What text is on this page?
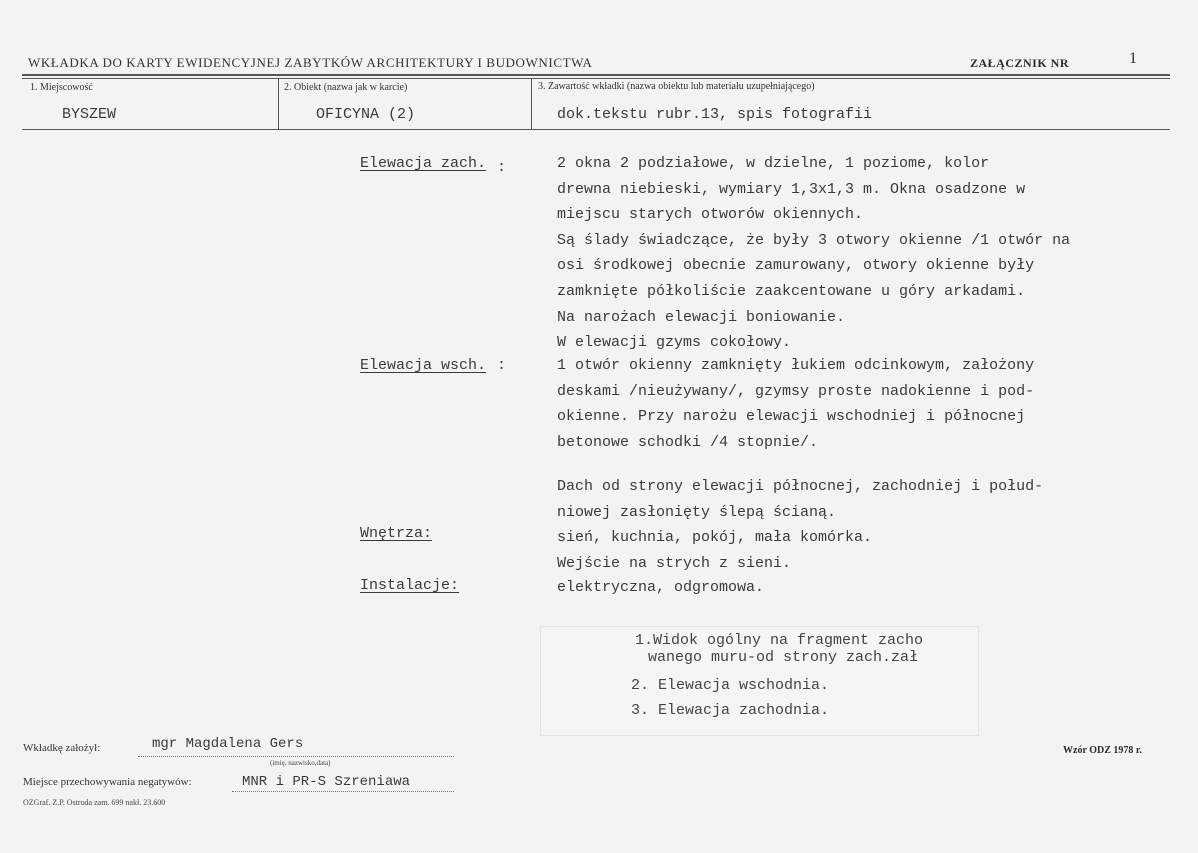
WKŁADKA DO KARTY EWIDENCYJNEJ ZABYTKÓW ARCHITEKTURY I BUDOWNICTWA	ZAŁĄCZNIK NR	1
1. Miejscowość	2. Obiekt (nazwa jak w karcie)	3. Zawartość wkładki (nazwa obiektu lub materiału uzupełniającego)
BYSZEW	OFICYNA (2)	dok.tekstu rubr.13, spis fotografii
Elewacja zach. :	2 okna 2 podziałowe, w dzielne, 1 poziome, kolor
drewna niebieski, wymiary 1,3x1,3 m. Okna osadzone w
miejscu starych otworów okiennych.
Są ślady świadczące, że były 3 otwory okienne /1 otwór na
osi środkowej obecnie zamurowany, otwory okienne były
zamknięte półkoliście zaakcentowane u góry arkadami.
Na narożach elewacji boniowanie.
W elewacji gzyms cokołowy.
Elewacja wsch. :	1 otwór okienny zamknięty łukiem odcinkowym, założony
deskami /nieużywany/, gzymsy proste nadokienne i pod-
okienne. Przy narożu elewacji wschodniej i północnej
betonowe schodki /4 stopnie/.
Dach od strony elewacji północnej, zachodniej i połud-
niowej zasłonięty ślepą ścianą.
Wnętrza:	sień, kuchnia, pokój, mała komórka.
Wejście na strych z sieni.
Instalacje:	elektryczna, odgromowa.
1.Widok ogólny na fragment zacho
wanego muru-od strony zach.zał
2. Elewacja wschodnia.
3. Elewacja zachodnia.
Wkładkę założył:	mgr Magdalena Gers
(imię, nazwisko,data)
Miejsce przechowywania negatywów:	MNR i PR-S Szreniawa
OZGraf. Z.P. Ostroda zam. 699 nakł. 23.600
Wzór ODZ 1978 r.
